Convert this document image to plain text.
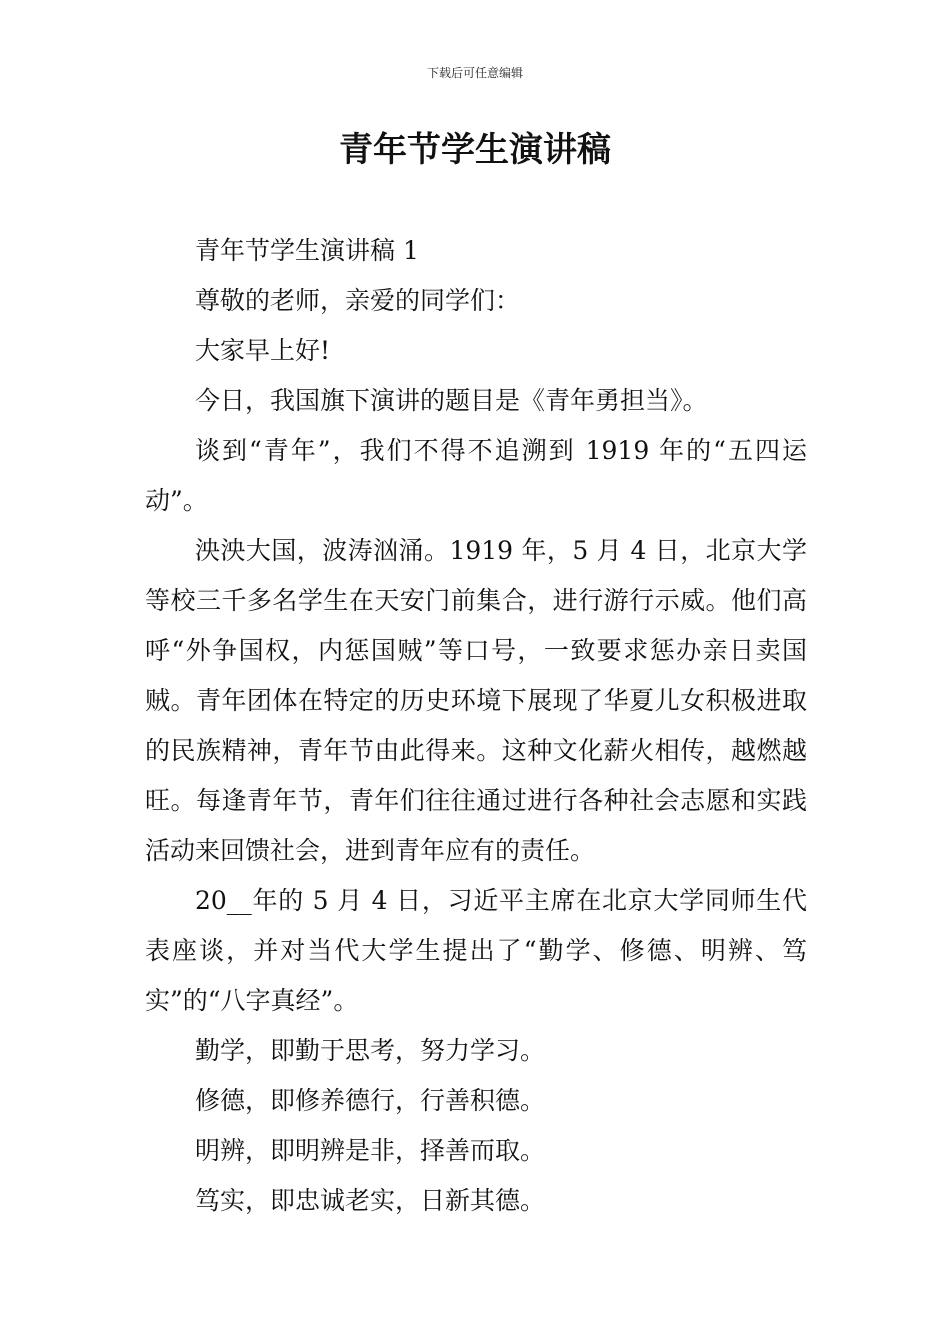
下载后可任意编辑
青年节学生演讲稿

青年节学生演讲稿 1

尊敬的老师，亲爱的同学们：

大家早上好!

今日，我国旗下演讲的题目是《青年勇担当》。

谈到“青年”，我们不得不追溯到 1919 年的“五四运动”。

泱泱大国，波涛汹涌。1919 年，5 月 4 日，北京大学等校三千多名学生在天安门前集合，进行游行示威。他们高呼“外争国权，内惩国贼”等口号，一致要求惩办亲日卖国贼。青年团体在特定的历史环境下展现了华夏儿女积极进取的民族精神，青年节由此得来。这种文化薪火相传，越燃越旺。每逢青年节，青年们往往通过进行各种社会志愿和实践活动来回馈社会，进到青年应有的责任。

20__年的 5 月 4 日，习近平主席在北京大学同师生代表座谈，并对当代大学生提出了“勤学、修德、明辨、笃实”的“八字真经”。

勤学，即勤于思考，努力学习。

修德，即修养德行，行善积德。

明辨，即明辨是非，择善而取。

笃实，即忠诚老实，日新其德。
